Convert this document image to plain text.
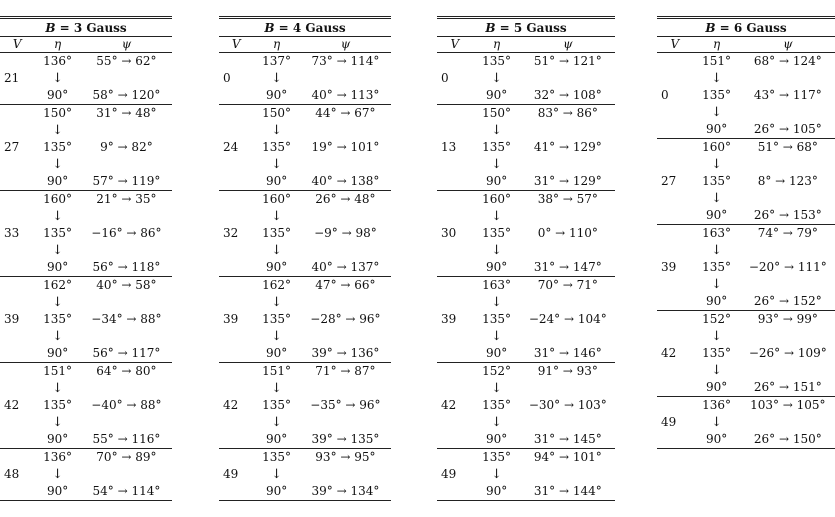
B = 3 Gauss		
V	η	ψ
21	136°	55° → 62°
	↓	
	90°	58° → 120°
27	150°	31° → 48°
	↓	
	135°	9° → 82°
	↓	
	90°	57° → 119°
33	160°	21° → 35°
	↓	
	135°	−16° → 86°
	↓	
	90°	56° → 118°
39	162°	40° → 58°
	↓	
	135°	−34° → 88°
	↓	
	90°	56° → 117°
42	151°	64° → 80°
	↓	
	135°	−40° → 88°
	↓	
	90°	55° → 116°
48	136°	70° → 89°
	↓	
	90°	54° → 114°
B = 4 Gauss		
V	η	ψ
0	137°	73° → 114°
	↓	
	90°	40° → 113°
24	150°	44° → 67°
	↓	
	135°	19° → 101°
	↓	
	90°	40° → 138°
32	160°	26° → 48°
	↓	
	135°	−9° → 98°
	↓	
	90°	40° → 137°
39	162°	47° → 66°
	↓	
	135°	−28° → 96°
	↓	
	90°	39° → 136°
42	151°	71° → 87°
	↓	
	135°	−35° → 96°
	↓	
	90°	39° → 135°
49	135°	93° → 95°
	↓	
	90°	39° → 134°
B = 5 Gauss		
V	η	ψ
0	135°	51° → 121°
	↓	
	90°	32° → 108°
13	150°	83° → 86°
	↓	
	135°	41° → 129°
	↓	
	90°	31° → 129°
30	160°	38° → 57°
	↓	
	135°	0° → 110°
	↓	
	90°	31° → 147°
39	163°	70° → 71°
	↓	
	135°	−24° → 104°
	↓	
	90°	31° → 146°
42	152°	91° → 93°
	↓	
	135°	−30° → 103°
	↓	
	90°	31° → 145°
49	135°	94° → 101°
	↓	
	90°	31° → 144°
B = 6 Gauss		
V	η	ψ
0	151°	68° → 124°
	↓	
	135°	43° → 117°
	↓	
	90°	26° → 105°
27	160°	51° → 68°
	↓	
	135°	8° → 123°
	↓	
	90°	26° → 153°
39	163°	74° → 79°
	↓	
	135°	−20° → 111°
	↓	
	90°	26° → 152°
42	152°	93° → 99°
	↓	
	135°	−26° → 109°
	↓	
	90°	26° → 151°
49	136°	103° → 105°
	↓	
	90°	26° → 150°
